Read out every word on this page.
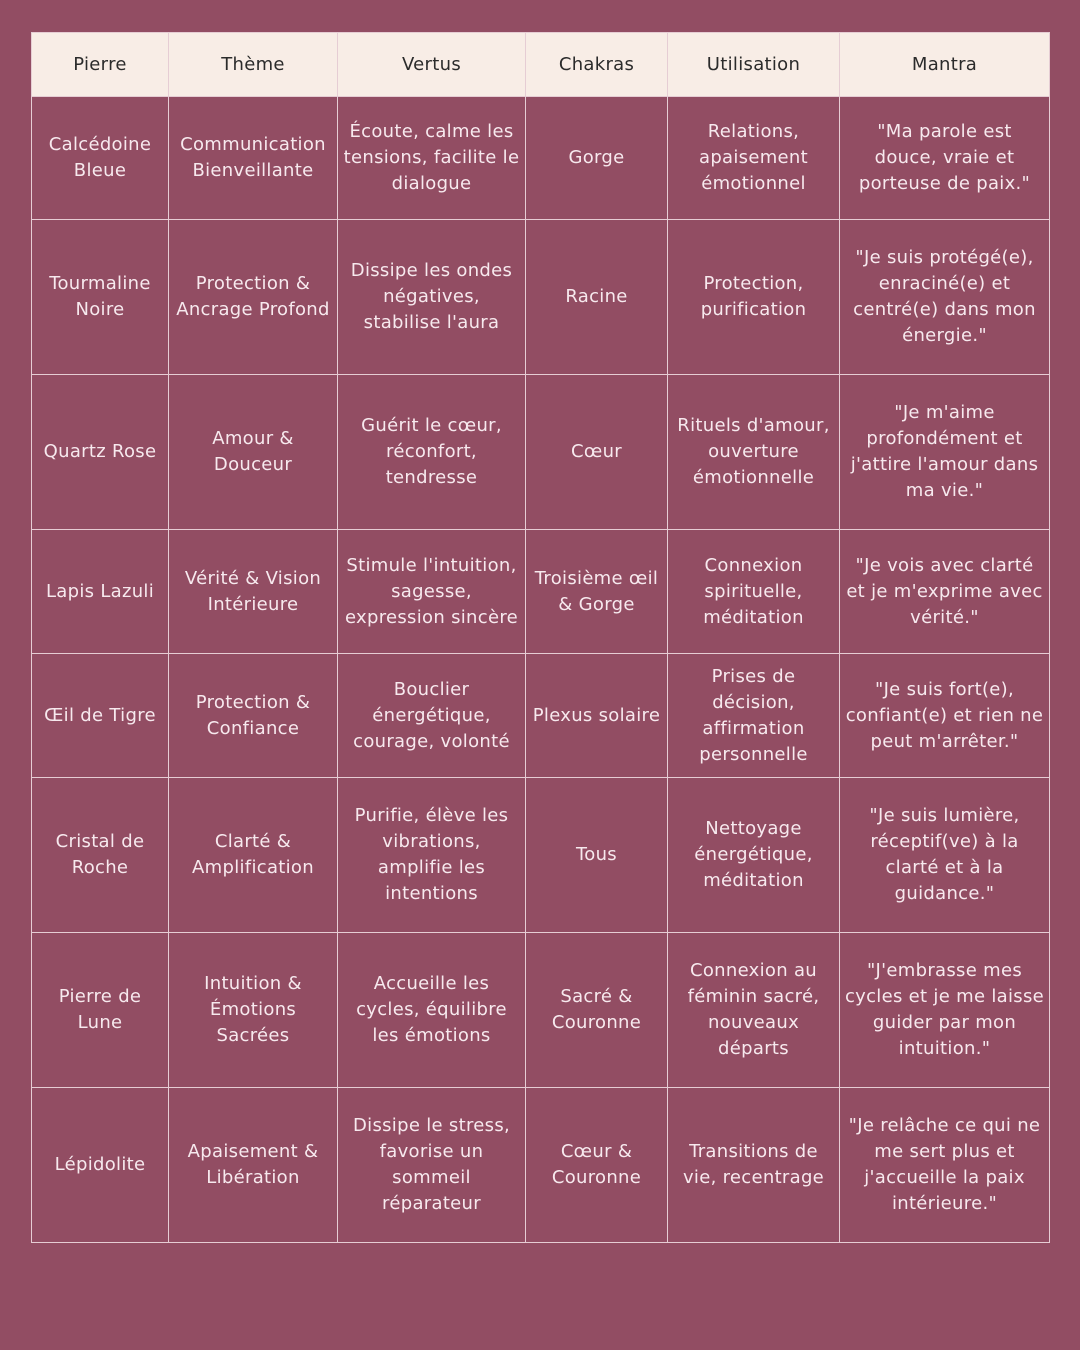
Pierre	Thème	Vertus	Chakras	Utilisation	Mantra
Calcédoine Bleue	Communication Bienveillante	Écoute, calme les tensions, facilite le dialogue	Gorge	Relations, apaisement émotionnel	"Ma parole est douce, vraie et porteuse de paix."
Tourmaline Noire	Protection & Ancrage Profond	Dissipe les ondes négatives, stabilise l'aura	Racine	Protection, purification	"Je suis protégé(e), enraciné(e) et centré(e) dans mon énergie."
Quartz Rose	Amour & Douceur	Guérit le cœur, réconfort, tendresse	Cœur	Rituels d'amour, ouverture émotionnelle	"Je m'aime profondément et j'attire l'amour dans ma vie."
Lapis Lazuli	Vérité & Vision Intérieure	Stimule l'intuition, sagesse, expression sincère	Troisième œil & Gorge	Connexion spirituelle, méditation	"Je vois avec clarté et je m'exprime avec vérité."
Œil de Tigre	Protection & Confiance	Bouclier énergétique, courage, volonté	Plexus solaire	Prises de décision, affirmation personnelle	"Je suis fort(e), confiant(e) et rien ne peut m'arrêter."
Cristal de Roche	Clarté & Amplification	Purifie, élève les vibrations, amplifie les intentions	Tous	Nettoyage énergétique, méditation	"Je suis lumière, réceptif(ve) à la clarté et à la guidance."
Pierre de Lune	Intuition & Émotions Sacrées	Accueille les cycles, équilibre les émotions	Sacré & Couronne	Connexion au féminin sacré, nouveaux départs	"J'embrasse mes cycles et je me laisse guider par mon intuition."
Lépidolite	Apaisement & Libération	Dissipe le stress, favorise un sommeil réparateur	Cœur & Couronne	Transitions de vie, recentrage	"Je relâche ce qui ne me sert plus et j'accueille la paix intérieure."
